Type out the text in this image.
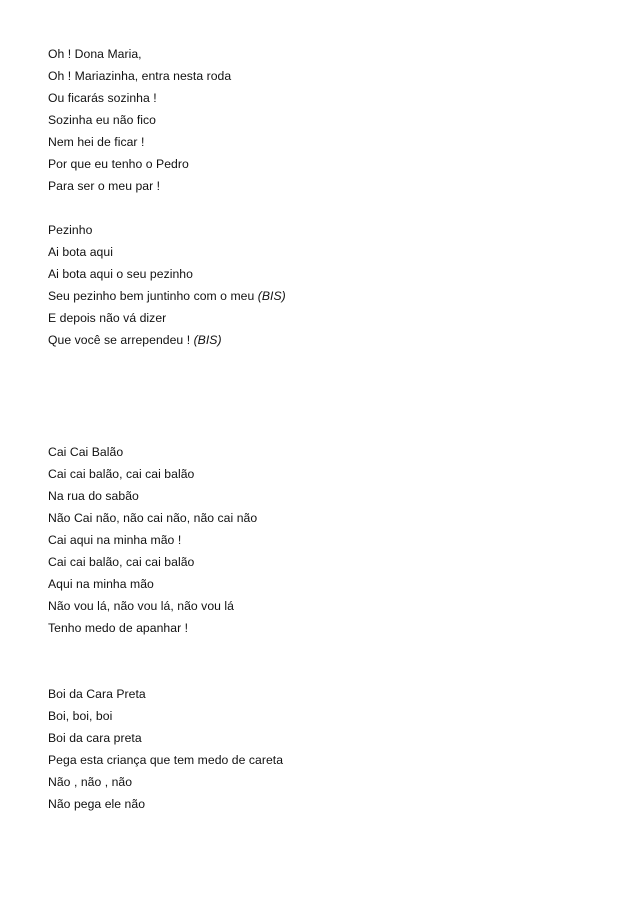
Oh ! Dona Maria,
Oh ! Mariazinha, entra nesta roda
Ou ficarás sozinha !
Sozinha eu não fico
Nem hei de ficar !
Por que eu tenho o Pedro
Para ser o meu par !
Pezinho
Ai bota aqui
Ai bota aqui o seu pezinho
Seu pezinho bem juntinho com o meu (BIS)
E depois não vá dizer
Que você se arrependeu ! (BIS)
Cai Cai Balão
Cai cai balão, cai cai balão
Na rua do sabão
Não Cai não, não cai não, não cai não
Cai aqui na minha mão !
Cai cai balão, cai cai balão
Aqui na minha mão
Não vou lá, não vou lá, não vou lá
Tenho medo de apanhar !
Boi da Cara Preta
Boi, boi, boi
Boi da cara preta
Pega esta criança que tem medo de careta
Não , não , não
Não pega ele não
